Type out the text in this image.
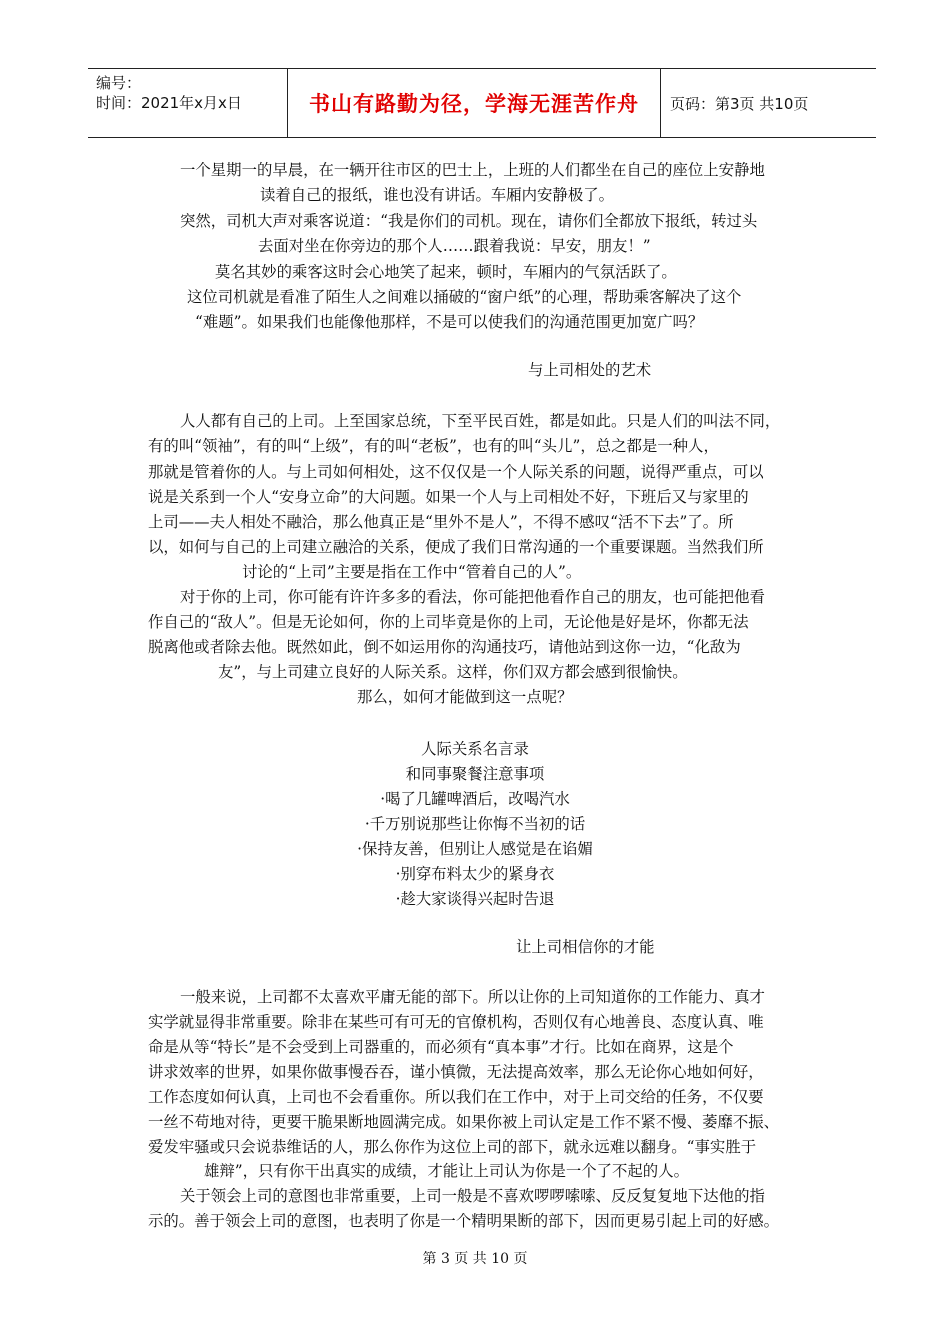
编号：
时间：2021年x月x日	书山有路勤为径，学海无涯苦作舟	页码：第3页 共10页
一个星期一的早晨，在一辆开往市区的巴士上，上班的人们都坐在自己的座位上安静地
读着自己的报纸，谁也没有讲话。车厢内安静极了。
突然，司机大声对乘客说道：“我是你们的司机。现在，请你们全都放下报纸，转过头
去面对坐在你旁边的那个人……跟着我说：早安，朋友！”
莫名其妙的乘客这时会心地笑了起来，顿时，车厢内的气氛活跃了。
这位司机就是看准了陌生人之间难以捅破的“窗户纸”的心理，帮助乘客解决了这个
“难题”。如果我们也能像他那样，不是可以使我们的沟通范围更加宽广吗？
与上司相处的艺术
人人都有自己的上司。上至国家总统，下至平民百姓，都是如此。只是人们的叫法不同，
有的叫“领袖”，有的叫“上级”，有的叫“老板”，也有的叫“头儿”，总之都是一种人，
那就是管着你的人。与上司如何相处，这不仅仅是一个人际关系的问题，说得严重点，可以
说是关系到一个人“安身立命”的大问题。如果一个人与上司相处不好，下班后又与家里的
上司——夫人相处不融洽，那么他真正是“里外不是人”，不得不感叹“活不下去”了。所
以，如何与自己的上司建立融洽的关系，便成了我们日常沟通的一个重要课题。当然我们所
讨论的“上司”主要是指在工作中“管着自己的人”。
对于你的上司，你可能有许许多多的看法，你可能把他看作自己的朋友，也可能把他看
作自己的“敌人”。但是无论如何，你的上司毕竟是你的上司，无论他是好是坏，你都无法
脱离他或者除去他。既然如此，倒不如运用你的沟通技巧，请他站到这你一边，“化敌为
友”，与上司建立良好的人际关系。这样，你们双方都会感到很愉快。
那么，如何才能做到这一点呢？
人际关系名言录
和同事聚餐注意事项
·喝了几罐啤酒后，改喝汽水
·千万别说那些让你悔不当初的话
·保持友善，但别让人感觉是在谄媚
·别穿布料太少的紧身衣
·趁大家谈得兴起时告退
让上司相信你的才能
一般来说，上司都不太喜欢平庸无能的部下。所以让你的上司知道你的工作能力、真才
实学就显得非常重要。除非在某些可有可无的官僚机构，否则仅有心地善良、态度认真、唯
命是从等“特长”是不会受到上司器重的，而必须有“真本事”才行。比如在商界，这是个
讲求效率的世界，如果你做事慢吞吞，谨小慎微，无法提高效率，那么无论你心地如何好，
工作态度如何认真，上司也不会看重你。所以我们在工作中，对于上司交给的任务，不仅要
一丝不苟地对待，更要干脆果断地圆满完成。如果你被上司认定是工作不紧不慢、萎靡不振、
爱发牢骚或只会说恭维话的人，那么你作为这位上司的部下，就永远难以翻身。“事实胜于
雄辩”，只有你干出真实的成绩，才能让上司认为你是一个了不起的人。
关于领会上司的意图也非常重要，上司一般是不喜欢啰啰嗦嗦、反反复复地下达他的指
示的。善于领会上司的意图，也表明了你是一个精明果断的部下，因而更易引起上司的好感。
第 3 页 共 10 页
